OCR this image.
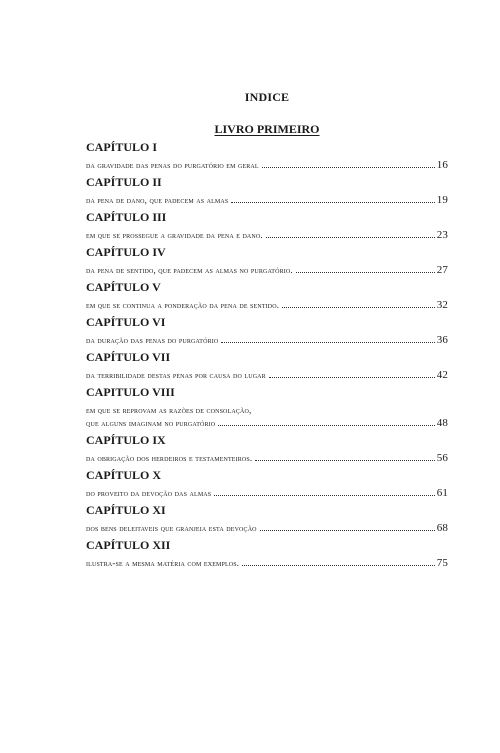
INDICE
LIVRO PRIMEIRO
CAPÍTULO I
da gravidade das penas do purgatório em geral	16
CAPÍTULO II
da pena de dano, que padecem as almas	19
CAPÍTULO III
em que se prossegue a gravidade da pena e dano.	23
CAPÍTULO IV
da pena de sentido, que padecem as almas no purgatório.	27
CAPÍTULO V
em que se continua a ponderação da pena de sentido.	32
CAPÍTULO VI
da duração das penas do purgatório	36
CAPÍTULO VII
da terribilidade destas penas por causa do lugar	42
CAPITULO VIII
em que se reprovam as razões de consolação,
que alguns imaginam no purgatório	48
CAPÍTULO IX
da obrigação dos herdeiros e testamenteiros.	56
CAPÍTULO X
do proveito da devoção das almas	61
CAPÍTULO XI
dos bens deleitaveis que granjeia esta devoção	68
CAPÍTULO XII
ilustra-se a mesma matéria com exemplos.	75
